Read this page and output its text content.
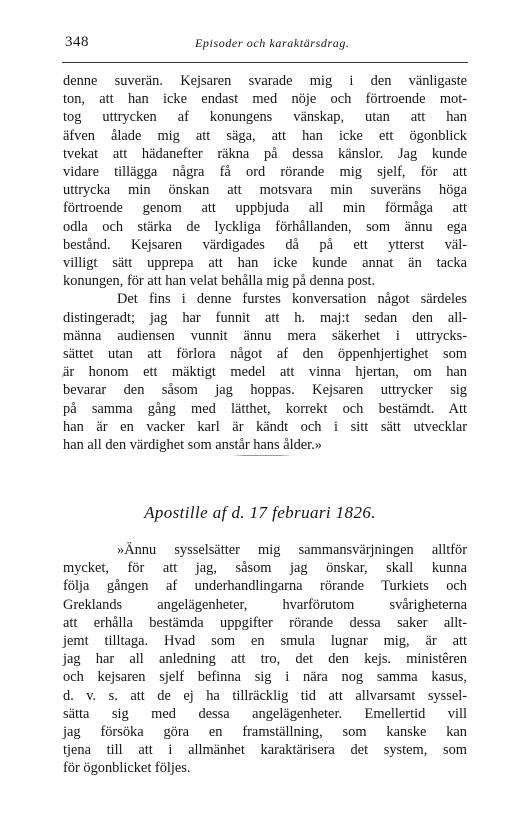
348	Episoder och karaktärsdrag.
denne suverän. Kejsaren svarade mig i den vänligaste
ton, att han icke endast med nöje och förtroende mot-
tog uttrycken af konungens vänskap, utan att han
äfven ålade mig att säga, att han icke ett ögonblick
tvekat att hädanefter räkna på dessa känslor. Jag kunde
vidare tillägga några få ord rörande mig sjelf, för att
uttrycka min önskan att motsvara min suveräns höga
förtroende genom att uppbjuda all min förmåga att
odla och stärka de lyckliga förhållanden, som ännu ega
bestånd. Kejsaren värdigades då på ett ytterst väl-
villigt sätt upprepa att han icke kunde annat än tacka
konungen, för att han velat behålla mig på denna post.
Det fins i denne furstes konversation något särdeles
distingeradt; jag har funnit att h. maj:t sedan den all-
männa audiensen vunnit ännu mera säkerhet i uttrycks-
sättet utan att förlora något af den öppenhjertighet som
är honom ett mäktigt medel att vinna hjertan, om han
bevarar den såsom jag hoppas. Kejsaren uttrycker sig
på samma gång med lätthet, korrekt och bestämdt. Att
han är en vacker karl är kändt och i sitt sätt utvecklar
han all den värdighet som anstår hans ålder.»
'
Apostille af d. 17 februari 1826.
»Ännu sysselsätter mig sammansvärjningen alltför
mycket, för att jag, såsom jag önskar, skall kunna
följa gången af underhandlingarna rörande Turkiets och
Greklands angelägenheter, hvarförutom svårigheterna
att erhålla bestämda uppgifter rörande dessa saker allt-
jemt tilltaga. Hvad som en smula lugnar mig, är att
jag har all anledning att tro, det den kejs. ministêren
och kejsaren sjelf befinna sig i nära nog samma kasus,
d. v. s. att de ej ha tillräcklig tid att allvarsamt syssel-
sätta sig med dessa angelägenheter. Emellertid vill
jag försöka göra en framställning, som kanske kan
tjena till att i allmänhet karaktärisera det system, som
för ögonblicket följes.
